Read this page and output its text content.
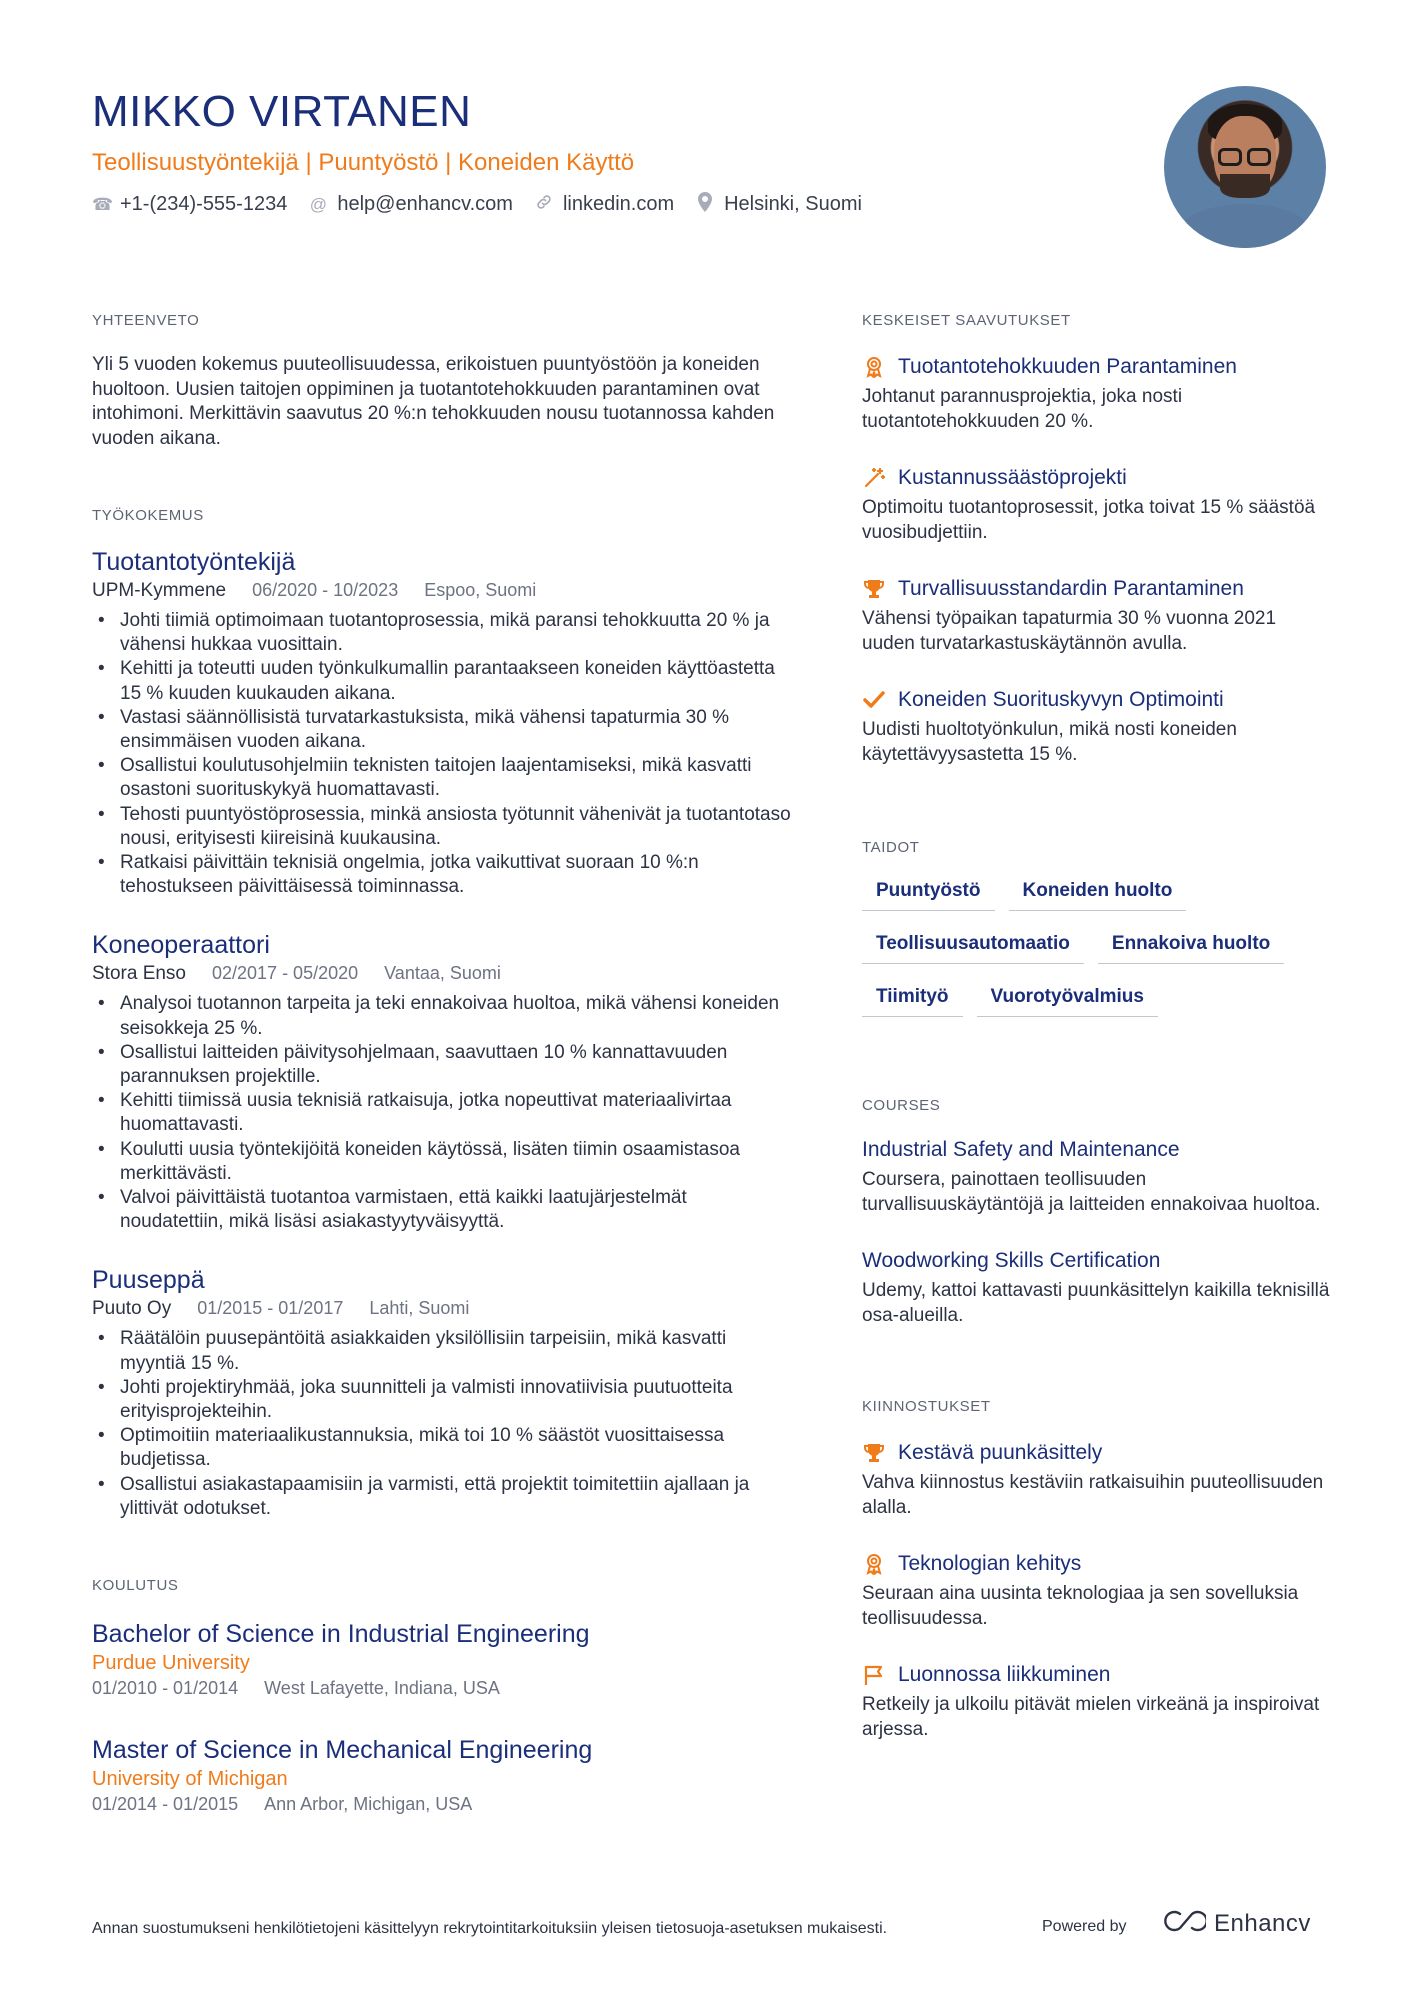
MIKKO VIRTANEN
Teollisuustyöntekijä | Puuntyöstö | Koneiden Käyttö
☎ +1-(234)-555-1234 @ help@enhancv.com	linkedin.com	Helsinki, Suomi
YHTEENVETO
Yli 5 vuoden kokemus puuteollisuudessa, erikoistuen puuntyöstöön ja koneiden huoltoon. Uusien taitojen oppiminen ja tuotantotehokkuuden parantaminen ovat intohimoni. Merkittävin saavutus 20 %:n tehokkuuden nousu tuotannossa kahden vuoden aikana.
TYÖKOKEMUS
Tuotantotyöntekijä
UPM-Kymmene 06/2020 - 10/2023 Espoo, Suomi
• Johti tiimiä optimoimaan tuotantoprosessia, mikä paransi tehokkuutta 20 % ja vähensi hukkaa vuosittain.
• Kehitti ja toteutti uuden työnkulkumallin parantaakseen koneiden käyttöastetta 15 % kuuden kuukauden aikana.
• Vastasi säännöllisistä turvatarkastuksista, mikä vähensi tapaturmia 30 % ensimmäisen vuoden aikana.
• Osallistui koulutusohjelmiin teknisten taitojen laajentamiseksi, mikä kasvatti osastoni suorituskykyä huomattavasti.
• Tehosti puuntyöstöprosessia, minkä ansiosta työtunnit vähenivät ja tuotantotaso nousi, erityisesti kiireisinä kuukausina.
• Ratkaisi päivittäin teknisiä ongelmia, jotka vaikuttivat suoraan 10 %:n tehostukseen päivittäisessä toiminnassa.
Koneoperaattori
Stora Enso 02/2017 - 05/2020 Vantaa, Suomi
• Analysoi tuotannon tarpeita ja teki ennakoivaa huoltoa, mikä vähensi koneiden seisokkeja 25 %.
• Osallistui laitteiden päivitysohjelmaan, saavuttaen 10 % kannattavuuden parannuksen projektille.
• Kehitti tiimissä uusia teknisiä ratkaisuja, jotka nopeuttivat materiaalivirtaa huomattavasti.
• Koulutti uusia työntekijöitä koneiden käytössä, lisäten tiimin osaamistasoa merkittävästi.
• Valvoi päivittäistä tuotantoa varmistaen, että kaikki laatujärjestelmät noudatettiin, mikä lisäsi asiakastyytyväisyyttä.
Puuseppä
Puuto Oy 01/2015 - 01/2017 Lahti, Suomi
• Räätälöin puusepäntöitä asiakkaiden yksilöllisiin tarpeisiin, mikä kasvatti myyntiä 15 %.
• Johti projektiryhmää, joka suunnitteli ja valmisti innovatiivisia puutuotteita erityisprojekteihin.
• Optimoitiin materiaalikustannuksia, mikä toi 10 % säästöt vuosittaisessa budjetissa.
• Osallistui asiakastapaamisiin ja varmisti, että projektit toimitettiin ajallaan ja ylittivät odotukset.
KOULUTUS
Bachelor of Science in Industrial Engineering
Purdue University
01/2010 - 01/2014 West Lafayette, Indiana, USA
Master of Science in Mechanical Engineering
University of Michigan
01/2014 - 01/2015 Ann Arbor, Michigan, USA
KESKEISET SAAVUTUKSET
Tuotantotehokkuuden Parantaminen
Johtanut parannusprojektia, joka nosti tuotantotehokkuuden 20 %.
Kustannussäästöprojekti
Optimoitu tuotantoprosessit, jotka toivat 15 % säästöä vuosibudjettiin.
Turvallisuusstandardin Parantaminen
Vähensi työpaikan tapaturmia 30 % vuonna 2021 uuden turvatarkastuskäytännön avulla.
Koneiden Suorituskyvyn Optimointi
Uudisti huoltotyönkulun, mikä nosti koneiden käytettävyysastetta 15 %.
TAIDOT
Puuntyöstö	Koneiden huolto
Teollisuusautomaatio	Ennakoiva huolto
Tiimityö	Vuorotyövalmius
COURSES
Industrial Safety and Maintenance
Coursera, painottaen teollisuuden turvallisuuskäytäntöjä ja laitteiden ennakoivaa huoltoa.
Woodworking Skills Certification
Udemy, kattoi kattavasti puunkäsittelyn kaikilla teknisillä osa-alueilla.
KIINNOSTUKSET
Kestävä puunkäsittely
Vahva kiinnostus kestäviin ratkaisuihin puuteollisuuden alalla.
Teknologian kehitys
Seuraan aina uusinta teknologiaa ja sen sovelluksia teollisuudessa.
Luonnossa liikkuminen
Retkeily ja ulkoilu pitävät mielen virkeänä ja inspiroivat arjessa.
Annan suostumukseni henkilötietojeni käsittelyyn rekrytointitarkoituksiin yleisen tietosuoja-asetuksen mukaisesti.	Powered by	Enhancv
